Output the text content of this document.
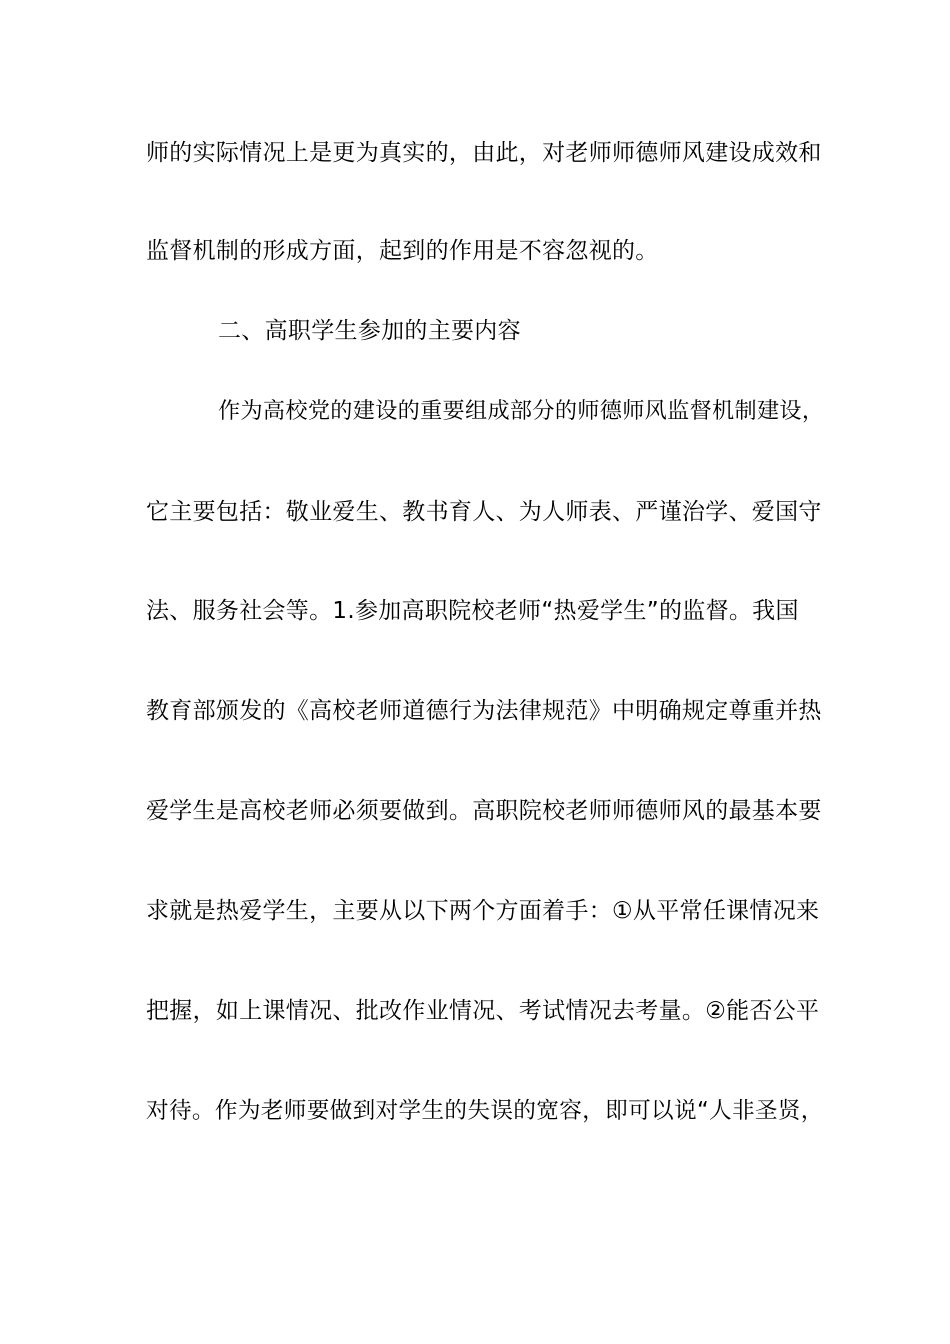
师的实际情况上是更为真实的，由此，对老师师德师风建设成效和
监督机制的形成方面，起到的作用是不容忽视的。
二、高职学生参加的主要内容
作为高校党的建设的重要组成部分的师德师风监督机制建设，
它主要包括：敬业爱生、教书育人、为人师表、严谨治学、爱国守
法、服务社会等。1.参加高职院校老师“热爱学生”的监督。我国
教育部颁发的《高校老师道德行为法律规范》中明确规定尊重并热
爱学生是高校老师必须要做到。高职院校老师师德师风的最基本要
求就是热爱学生，主要从以下两个方面着手：①从平常任课情况来
把握，如上课情况、批改作业情况、考试情况去考量。②能否公平
对待。作为老师要做到对学生的失误的宽容，即可以说“人非圣贤，
